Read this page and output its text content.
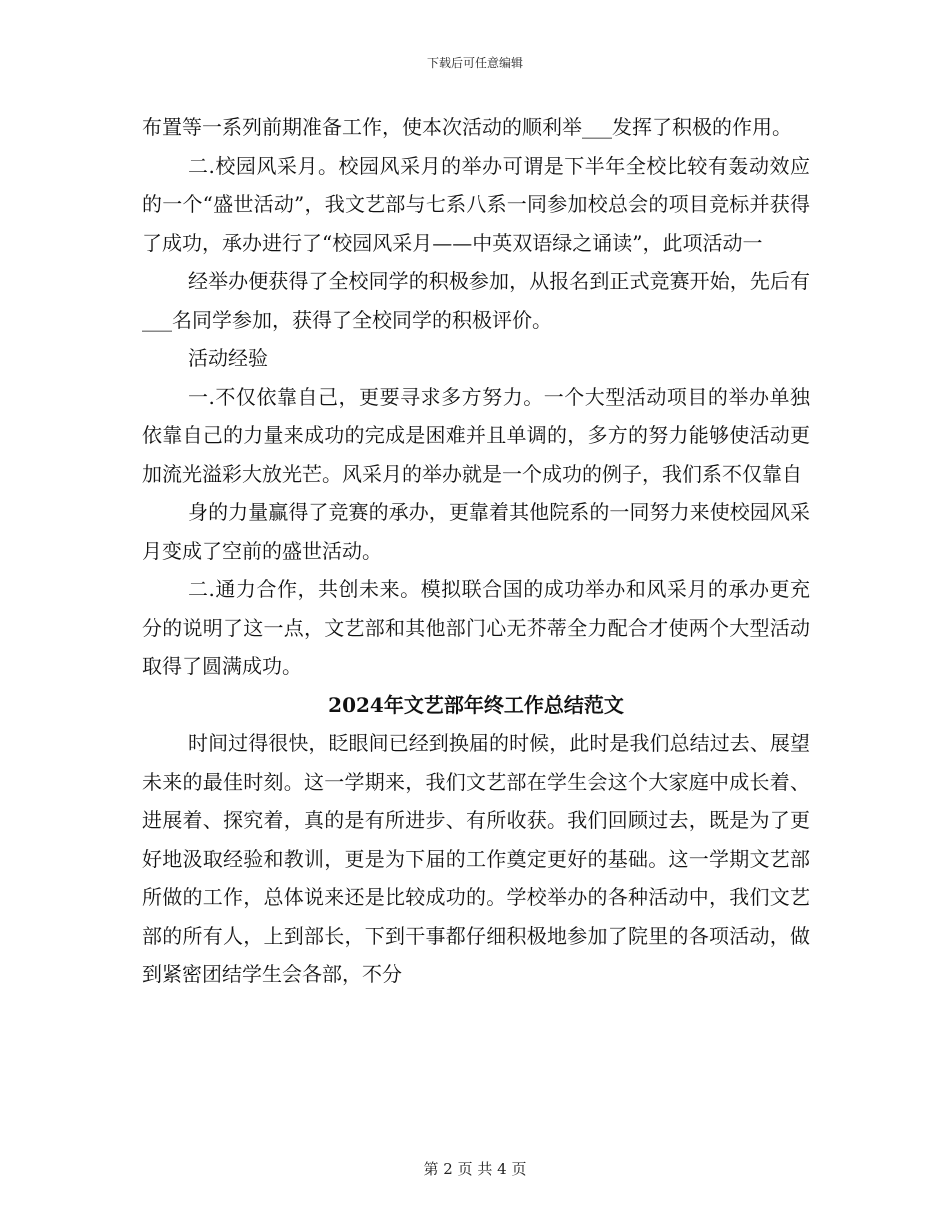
下载后可任意编辑

布置等一系列前期准备工作，使本次活动的顺利举___发挥了积极的作用。

二.校园风采月。校园风采月的举办可谓是下半年全校比较有轰动效应的一个“盛世活动”，我文艺部与七系八系一同参加校总会的项目竞标并获得了成功，承办进行了“校园风采月——中英双语绿之诵读”，此项活动一

经举办便获得了全校同学的积极参加，从报名到正式竞赛开始，先后有___名同学参加，获得了全校同学的积极评价。

活动经验

一.不仅依靠自己，更要寻求多方努力。一个大型活动项目的举办单独依靠自己的力量来成功的完成是困难并且单调的，多方的努力能够使活动更加流光溢彩大放光芒。风采月的举办就是一个成功的例子，我们系不仅靠自

身的力量赢得了竞赛的承办，更靠着其他院系的一同努力来使校园风采月变成了空前的盛世活动。

二.通力合作，共创未来。模拟联合国的成功举办和风采月的承办更充分的说明了这一点，文艺部和其他部门心无芥蒂全力配合才使两个大型活动取得了圆满成功。

2024年文艺部年终工作总结范文

时间过得很快，眨眼间已经到换届的时候，此时是我们总结过去、展望未来的最佳时刻。这一学期来，我们文艺部在学生会这个大家庭中成长着、进展着、探究着，真的是有所进步、有所收获。我们回顾过去，既是为了更好地汲取经验和教训，更是为下届的工作奠定更好的基础。这一学期文艺部所做的工作，总体说来还是比较成功的。学校举办的各种活动中，我们文艺部的所有人，上到部长，下到干事都仔细积极地参加了院里的各项活动，做到紧密团结学生会各部，不分

第 2 页 共 4 页
